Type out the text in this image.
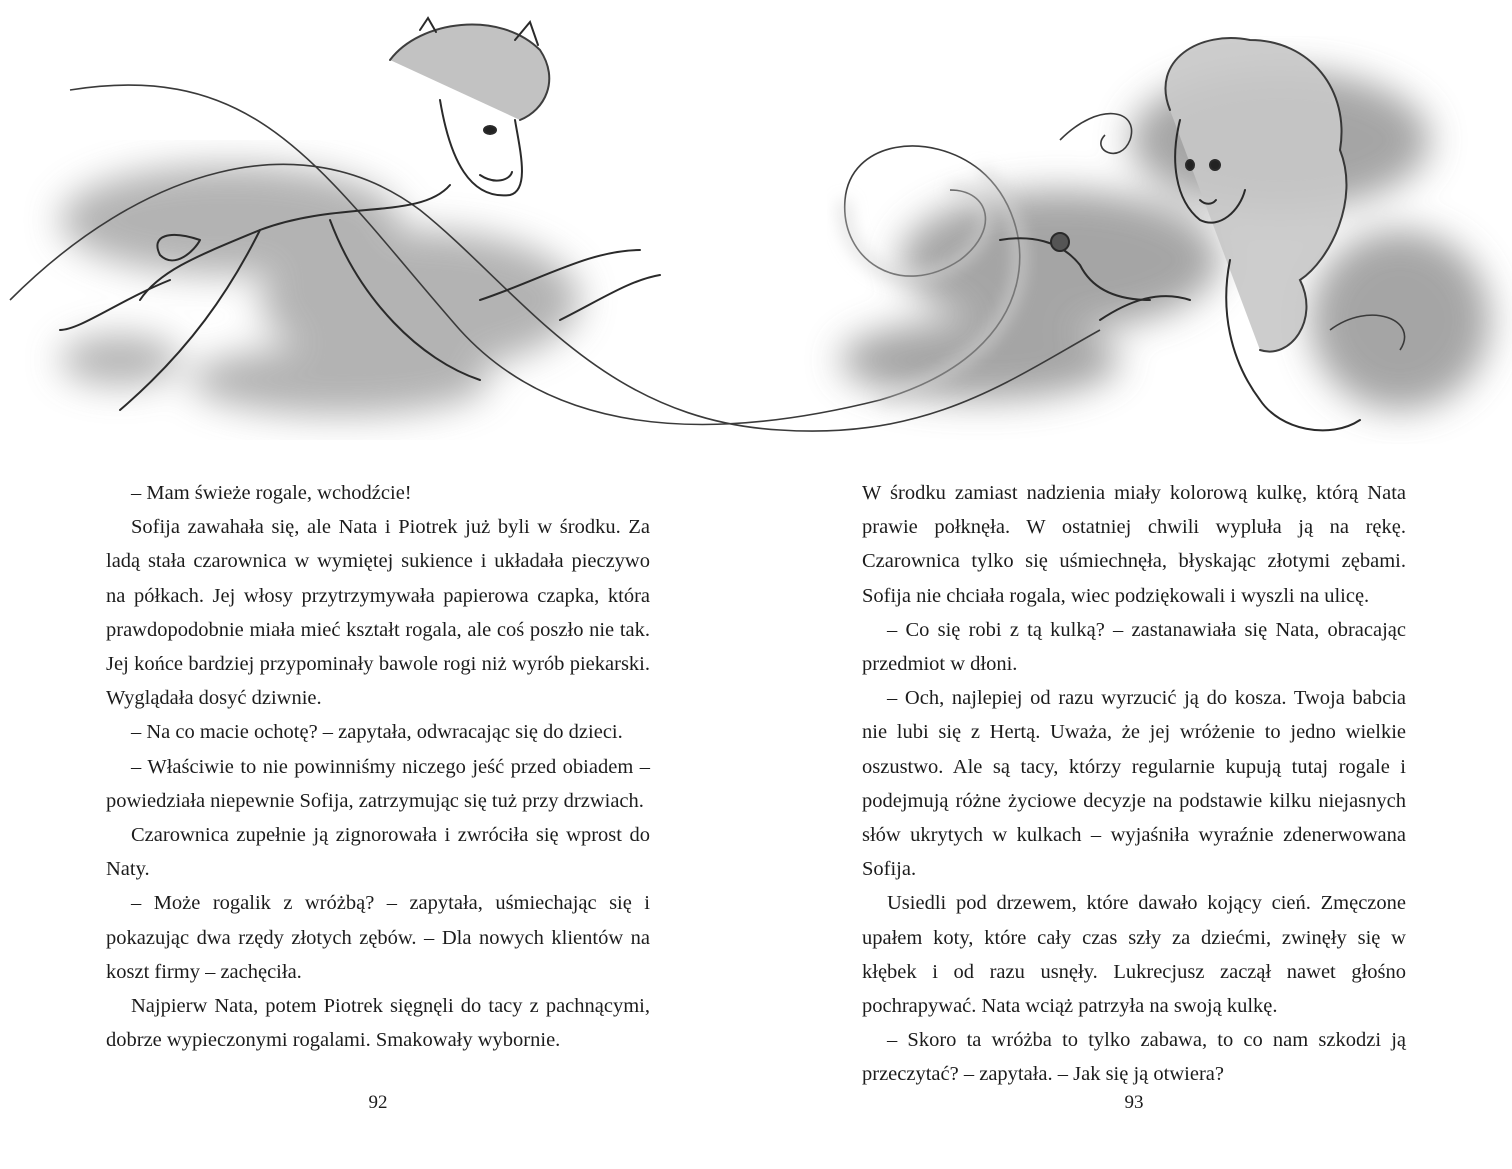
– Mam świeże rogale, wchodźcie!

Sofija zawahała się, ale Nata i Piotrek już byli w środku. Za ladą stała czarownica w wymiętej sukience i układała pieczywo na półkach. Jej włosy przytrzymywała papierowa czapka, która prawdopodobnie miała mieć kształt rogala, ale coś poszło nie tak. Jej końce bardziej przypominały bawole rogi niż wyrób piekarski. Wyglądała dosyć dziwnie.

– Na co macie ochotę? – zapytała, odwracając się do dzieci.

– Właściwie to nie powinniśmy niczego jeść przed obiadem – powiedziała niepewnie Sofija, zatrzymując się tuż przy drzwiach.

Czarownica zupełnie ją zignorowała i zwróciła się wprost do Naty.

– Może rogalik z wróżbą? – zapytała, uśmiechając się i pokazując dwa rzędy złotych zębów. – Dla nowych klientów na koszt firmy – zachęciła.

Najpierw Nata, potem Piotrek sięgnęli do tacy z pachnącymi, dobrze wypieczonymi rogalami. Smakowały wybornie.

W środku zamiast nadzienia miały kolorową kulkę, którą Nata prawie połknęła. W ostatniej chwili wypluła ją na rękę. Czarownica tylko się uśmiechnęła, błyskając złotymi zębami. Sofija nie chciała rogala, wiec podziękowali i wyszli na ulicę.

– Co się robi z tą kulką? – zastanawiała się Nata, obracając przedmiot w dłoni.

– Och, najlepiej od razu wyrzucić ją do kosza. Twoja babcia nie lubi się z Hertą. Uważa, że jej wróżenie to jedno wielkie oszustwo. Ale są tacy, którzy regularnie kupują tutaj rogale i podejmują różne życiowe decyzje na podstawie kilku niejasnych słów ukrytych w kulkach – wyjaśniła wyraźnie zdenerwowana Sofija.

Usiedli pod drzewem, które dawało kojący cień. Zmęczone upałem koty, które cały czas szły za dziećmi, zwinęły się w kłębek i od razu usnęły. Lukrecjusz zaczął nawet głośno pochrapywać. Nata wciąż patrzyła na swoją kulkę.

– Skoro ta wróżba to tylko zabawa, to co nam szkodzi ją przeczytać? – zapytała. – Jak się ją otwiera?

92	93
